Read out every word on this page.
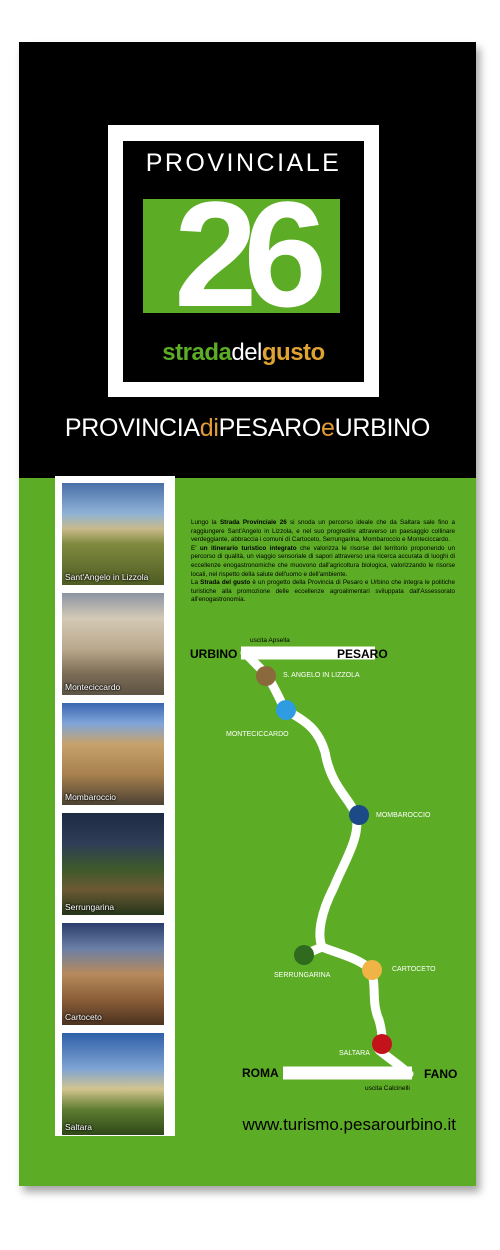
PROVINCIALE
26
stradadelgusto
PROVINCIAdiPESAROeURBINO
Sant'Angelo in Lizzola
Monteciccardo
Mombaroccio
Serrungarina
Cartoceto
Saltara

Lungo la Strada Provinciale 26 si snoda un percorso ideale che da Saltara sale fino a raggiungere Sant'Angelo in Lizzola, e nel suo progredire attraverso un paesaggio collinare verdeggiante, abbraccia i comuni di Cartoceto, Serrungarina, Mombaroccio e Monteciccardo.

E' un itinerario turistico integrato che valorizza le risorse del territorio proponendo un percorso di qualità, un viaggio sensoriale di sapori attraverso una ricerca accurata di luoghi di eccellenze enogastronomiche che muovono dall'agricoltura biologica, valorizzando le risorse locali, nel rispetto della salute dell'uomo e dell'ambiente.

La Strada del gusto è un progetto della Provincia di Pesaro e Urbino che integra le politiche turistiche alla promozione delle eccellenze agroalimentari sviluppata dall'Assessorato all'enogastronomia.

URBINO	PESARO
uscita Apsella
S. ANGELO IN LIZZOLA
MONTECICCARDO
MOMBAROCCIO
SERRUNGARINA
CARTOCETO
SALTARA
ROMA	FANO
uscita Calcinelli
www.turismo.pesarourbino.it
